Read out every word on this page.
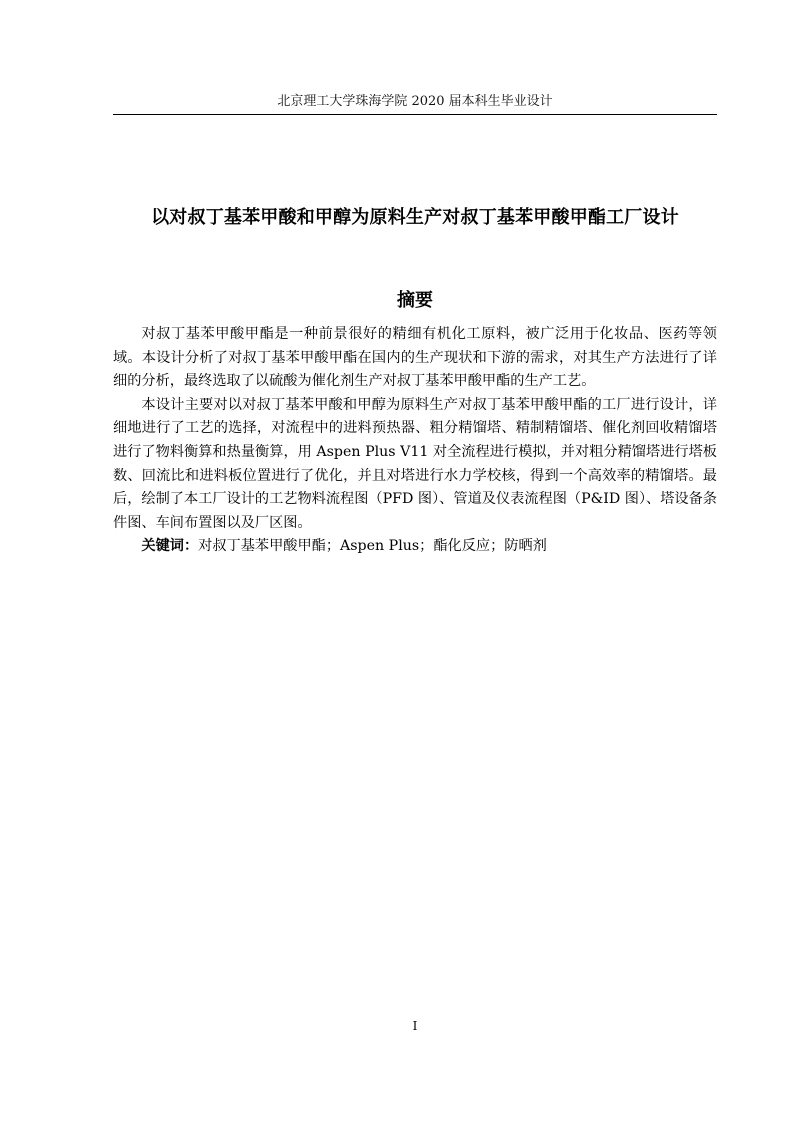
北京理工大学珠海学院 2020 届本科生毕业设计
以对叔丁基苯甲酸和甲醇为原料生产对叔丁基苯甲酸甲酯工厂设计
摘要

对叔丁基苯甲酸甲酯是一种前景很好的精细有机化工原料，被广泛用于化妆品、医药等领域。本设计分析了对叔丁基苯甲酸甲酯在国内的生产现状和下游的需求，对其生产方法进行了详细的分析，最终选取了以硫酸为催化剂生产对叔丁基苯甲酸甲酯的生产工艺。

本设计主要对以对叔丁基苯甲酸和甲醇为原料生产对叔丁基苯甲酸甲酯的工厂进行设计，详细地进行了工艺的选择，对流程中的进料预热器、粗分精馏塔、精制精馏塔、催化剂回收精馏塔进行了物料衡算和热量衡算，用 Aspen Plus V11 对全流程进行模拟，并对粗分精馏塔进行塔板数、回流比和进料板位置进行了优化，并且对塔进行水力学校核，得到一个高效率的精馏塔。最后，绘制了本工厂设计的工艺物料流程图（PFD 图）、管道及仪表流程图（P&ID 图）、塔设备条件图、车间布置图以及厂区图。

关键词：对叔丁基苯甲酸甲酯；Aspen Plus；酯化反应；防晒剂

I
